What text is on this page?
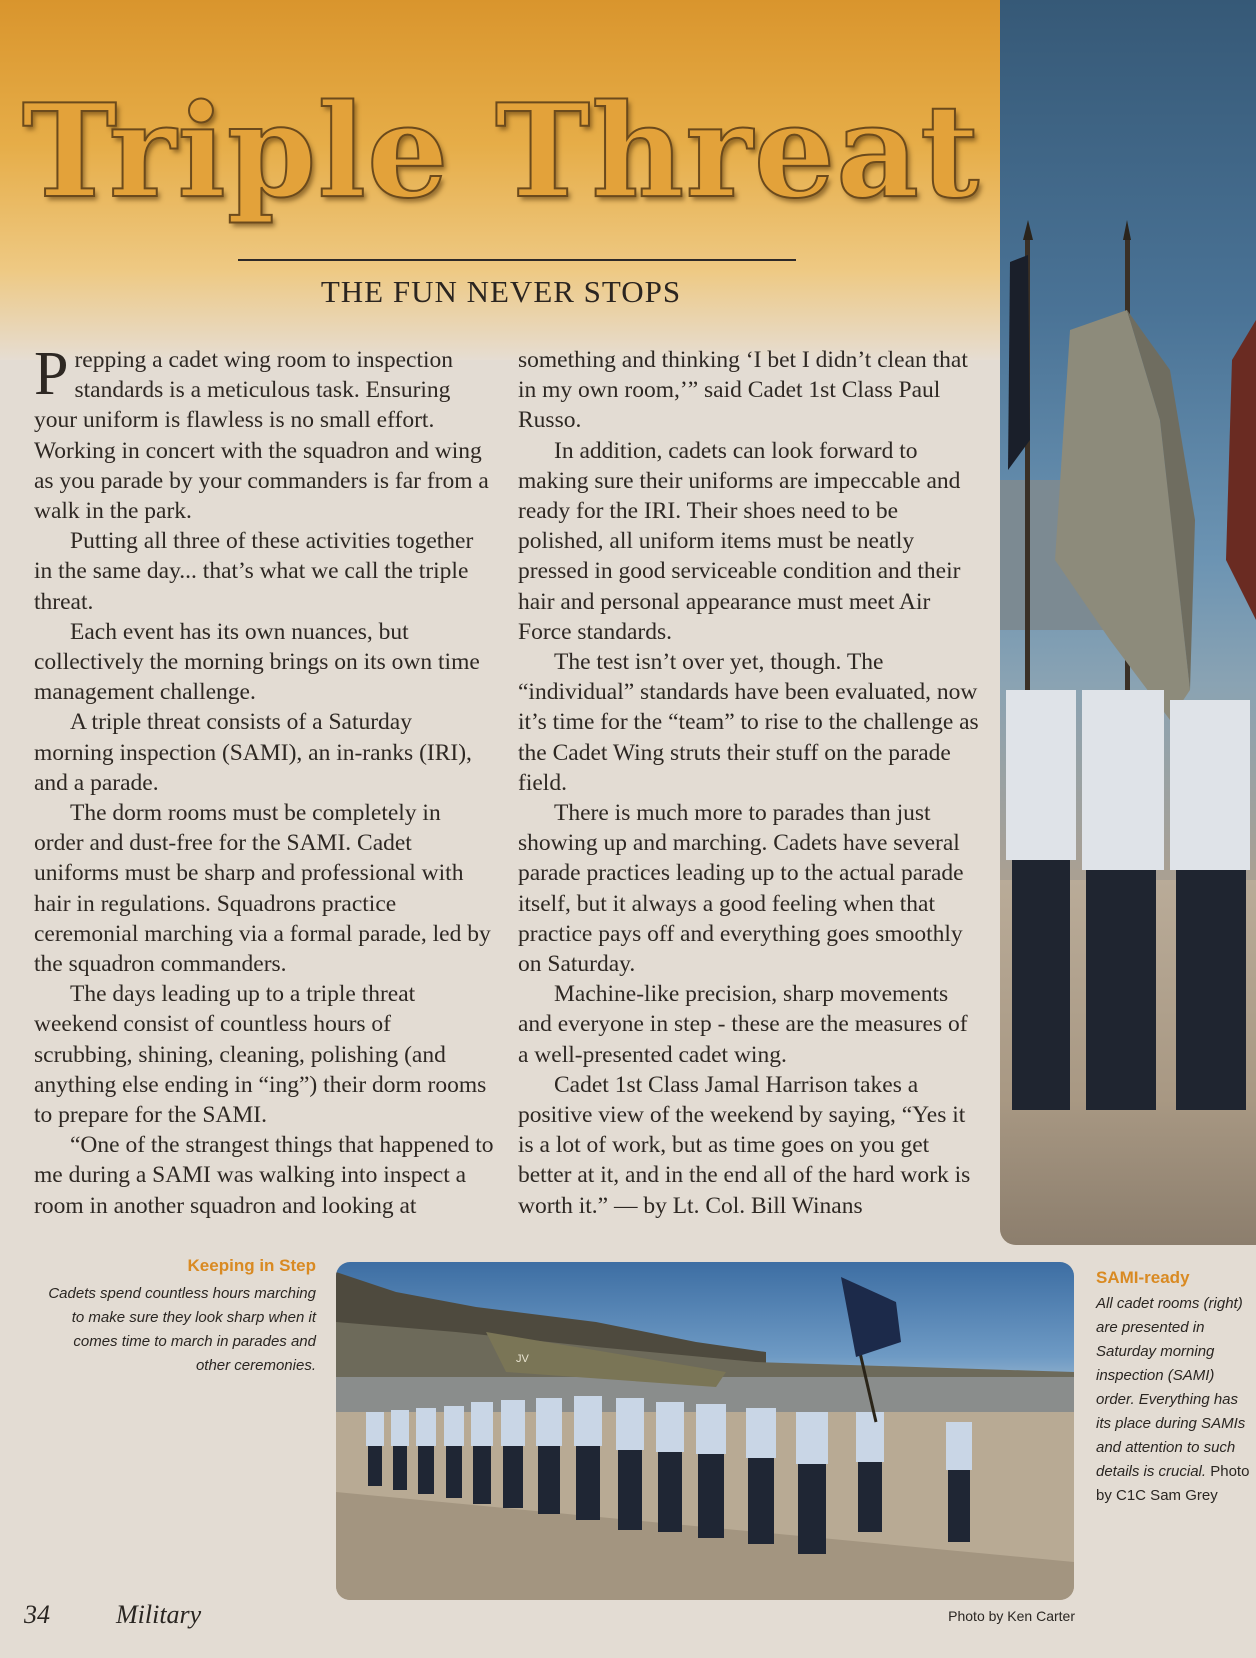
Triple Threat
THE FUN NEVER STOPS

Prepping a cadet wing room to inspection standards is a meticulous task. Ensuring your uniform is flawless is no small effort. Working in concert with the squadron and wing as you parade by your commanders is far from a walk in the park.

Putting all three of these activities together in the same day... that’s what we call the triple threat.

Each event has its own nuances, but collectively the morning brings on its own time management challenge.

A triple threat consists of a Saturday morning inspection (SAMI), an in-ranks (IRI), and a parade.

The dorm rooms must be completely in order and dust-free for the SAMI. Cadet uniforms must be sharp and professional with hair in regulations. Squadrons practice ceremonial marching via a formal parade, led by the squadron commanders.

The days leading up to a triple threat weekend consist of countless hours of scrubbing, shining, cleaning, polishing (and anything else ending in “ing”) their dorm rooms to prepare for the SAMI.

“One of the strangest things that happened to me during a SAMI was walking into inspect a room in another squadron and looking at

something and thinking ‘I bet I didn’t clean that in my own room,’” said Cadet 1st Class Paul Russo.

In addition, cadets can look forward to making sure their uniforms are impeccable and ready for the IRI. Their shoes need to be polished, all uniform items must be neatly pressed in good serviceable condition and their hair and personal appearance must meet Air Force standards.

The test isn’t over yet, though. The “individual” standards have been evaluated, now it’s time for the “team” to rise to the challenge as the Cadet Wing struts their stuff on the parade field.

There is much more to parades than just showing up and marching. Cadets have several parade practices leading up to the actual parade itself, but it always a good feeling when that practice pays off and everything goes smoothly on Saturday.

Machine-like precision, sharp movements and everyone in step - these are the measures of a well-presented cadet wing.

Cadet 1st Class Jamal Harrison takes a positive view of the weekend by saying, “Yes it is a lot of work, but as time goes on you get better at it, and in the end all of the hard work is worth it.” — by Lt. Col. Bill Winans

JV
Keeping in Step
Cadets spend countless hours marching to make sure they look sharp when it comes time to march in parades and other ceremonies.
SAMI-ready
All cadet rooms (right) are presented in Saturday morning inspection (SAMI) order. Everything has its place during SAMIs and attention to such details is crucial. Photo by C1C Sam Grey
Photo by Ken Carter
34	Military
